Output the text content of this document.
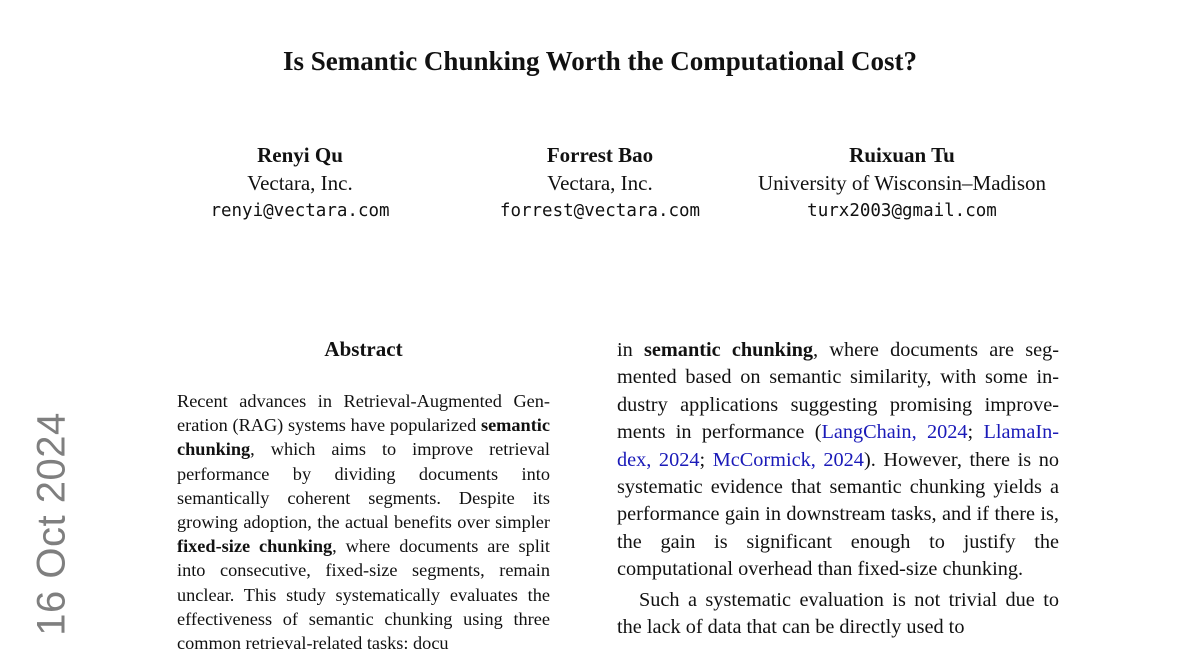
Is Semantic Chunking Worth the Computational Cost?
Renyi Qu
Vectara, Inc.
renyi@vectara.com
Forrest Bao
Vectara, Inc.
forrest@vectara.com
Ruixuan Tu
University of Wisconsin–Madison
turx2003@gmail.com
Abstract
Recent advances in Retrieval-Augmented Generation (RAG) systems have popularized semantic chunking, which aims to improve retrieval performance by dividing documents into semantically coherent segments. Despite its growing adoption, the actual benefits over simpler fixed-size chunking, where documents are split into consecutive, fixed-size segments, remain unclear. This study systematically evaluates the effectiveness of semantic chunking using three common retrieval-related tasks: docu

in semantic chunking, where documents are segmented based on semantic similarity, with some industry applications suggesting promising improvements in performance (LangChain, 2024; LlamaIndex, 2024; McCormick, 2024). However, there is no systematic evidence that semantic chunking yields a performance gain in downstream tasks, and if there is, the gain is significant enough to justify the computational overhead than fixed-size chunking.

Such a systematic evaluation is not trivial due to the lack of data that can be directly used to

16 Oct 2024
